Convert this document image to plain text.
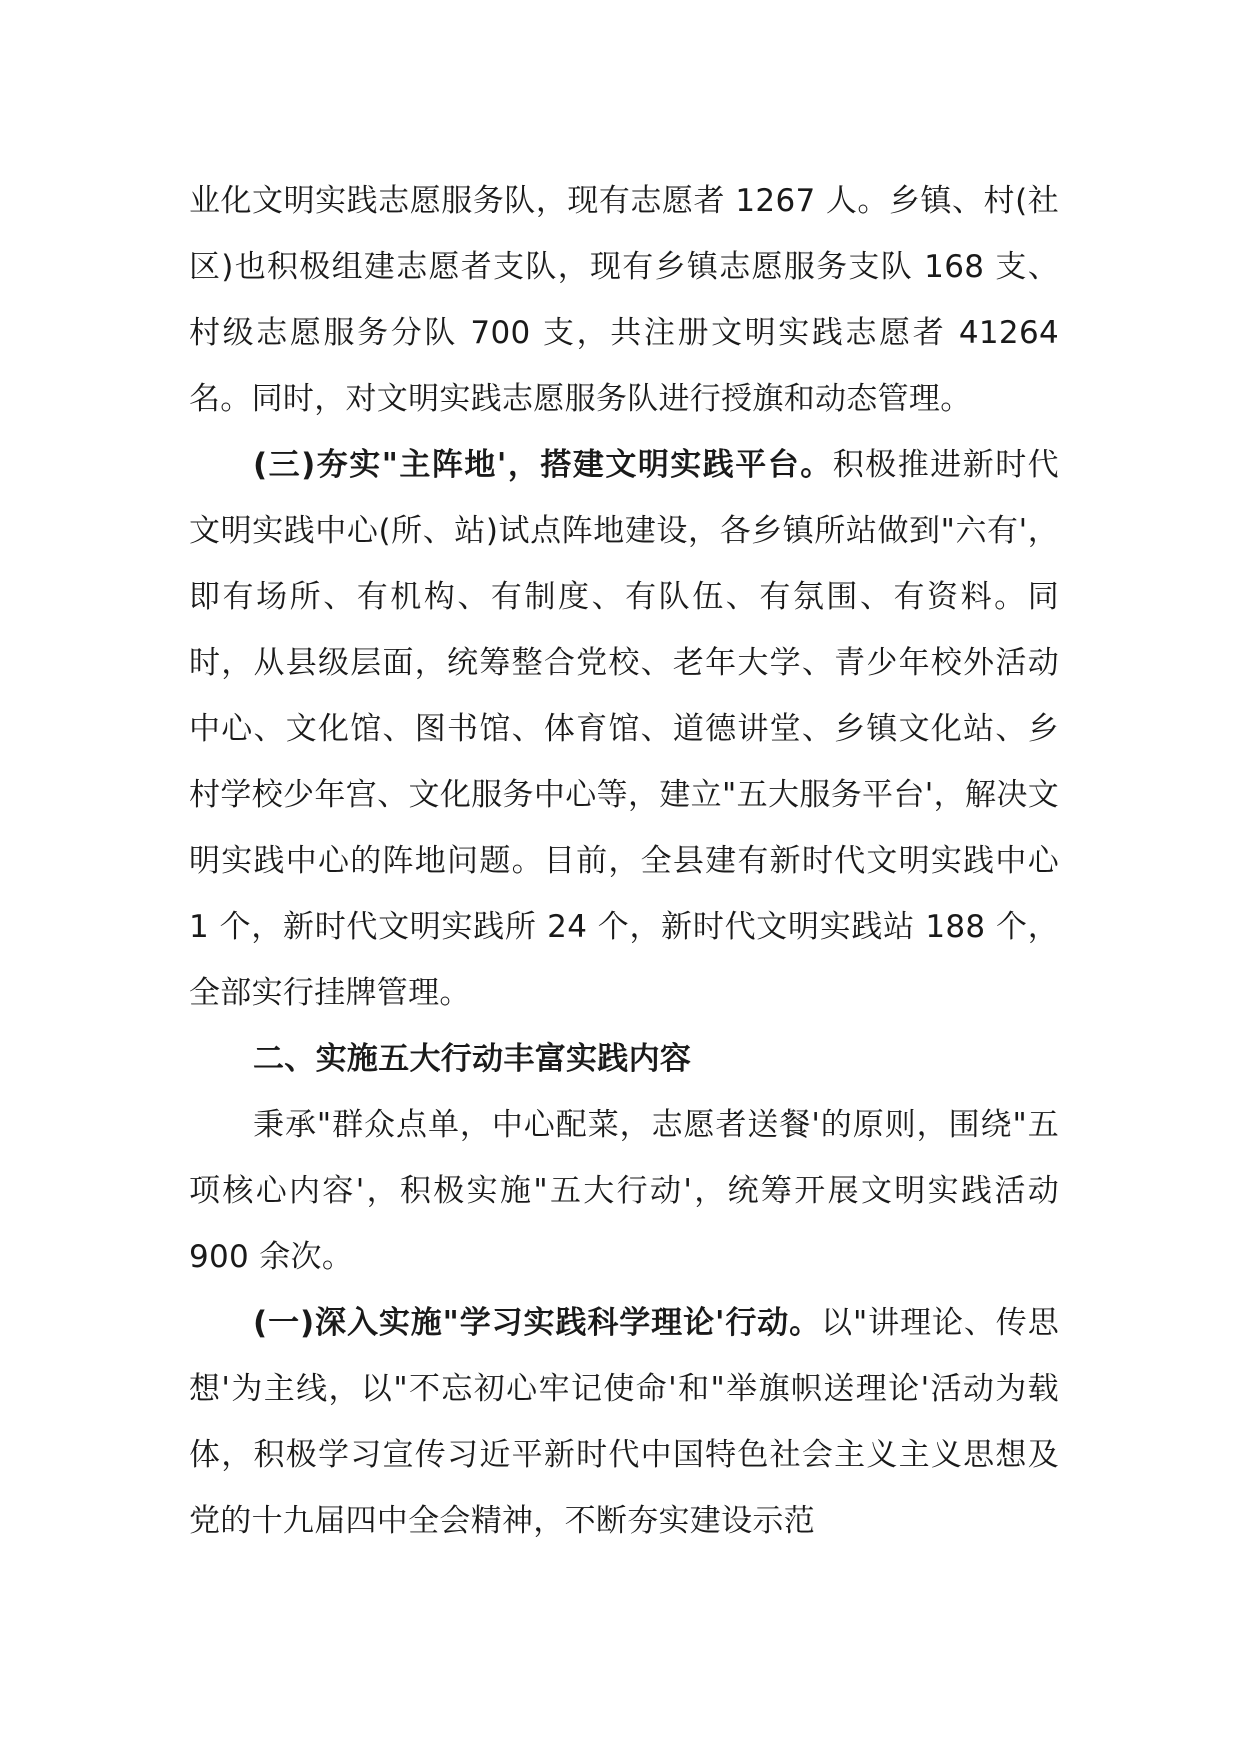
业化文明实践志愿服务队，现有志愿者 1267 人。乡镇、村(社区)也积极组建志愿者支队，现有乡镇志愿服务支队 168 支、村级志愿服务分队 700 支，共注册文明实践志愿者 41264 名。同时，对文明实践志愿服务队进行授旗和动态管理。

(三)夯实"主阵地'，搭建文明实践平台。积极推进新时代文明实践中心(所、站)试点阵地建设，各乡镇所站做到"六有'，即有场所、有机构、有制度、有队伍、有氛围、有资料。同时，从县级层面，统筹整合党校、老年大学、青少年校外活动中心、文化馆、图书馆、体育馆、道德讲堂、乡镇文化站、乡村学校少年宫、文化服务中心等，建立"五大服务平台'，解决文明实践中心的阵地问题。目前，全县建有新时代文明实践中心 1 个，新时代文明实践所 24 个，新时代文明实践站 188 个，全部实行挂牌管理。

二、实施五大行动丰富实践内容

秉承"群众点单，中心配菜，志愿者送餐'的原则，围绕"五项核心内容'，积极实施"五大行动'，统筹开展文明实践活动 900 余次。

(一)深入实施"学习实践科学理论'行动。以"讲理论、传思想'为主线，以"不忘初心牢记使命'和"举旗帜送理论'活动为载体，积极学习宣传习近平新时代中国特色社会主义主义思想及党的十九届四中全会精神，不断夯实建设示范
